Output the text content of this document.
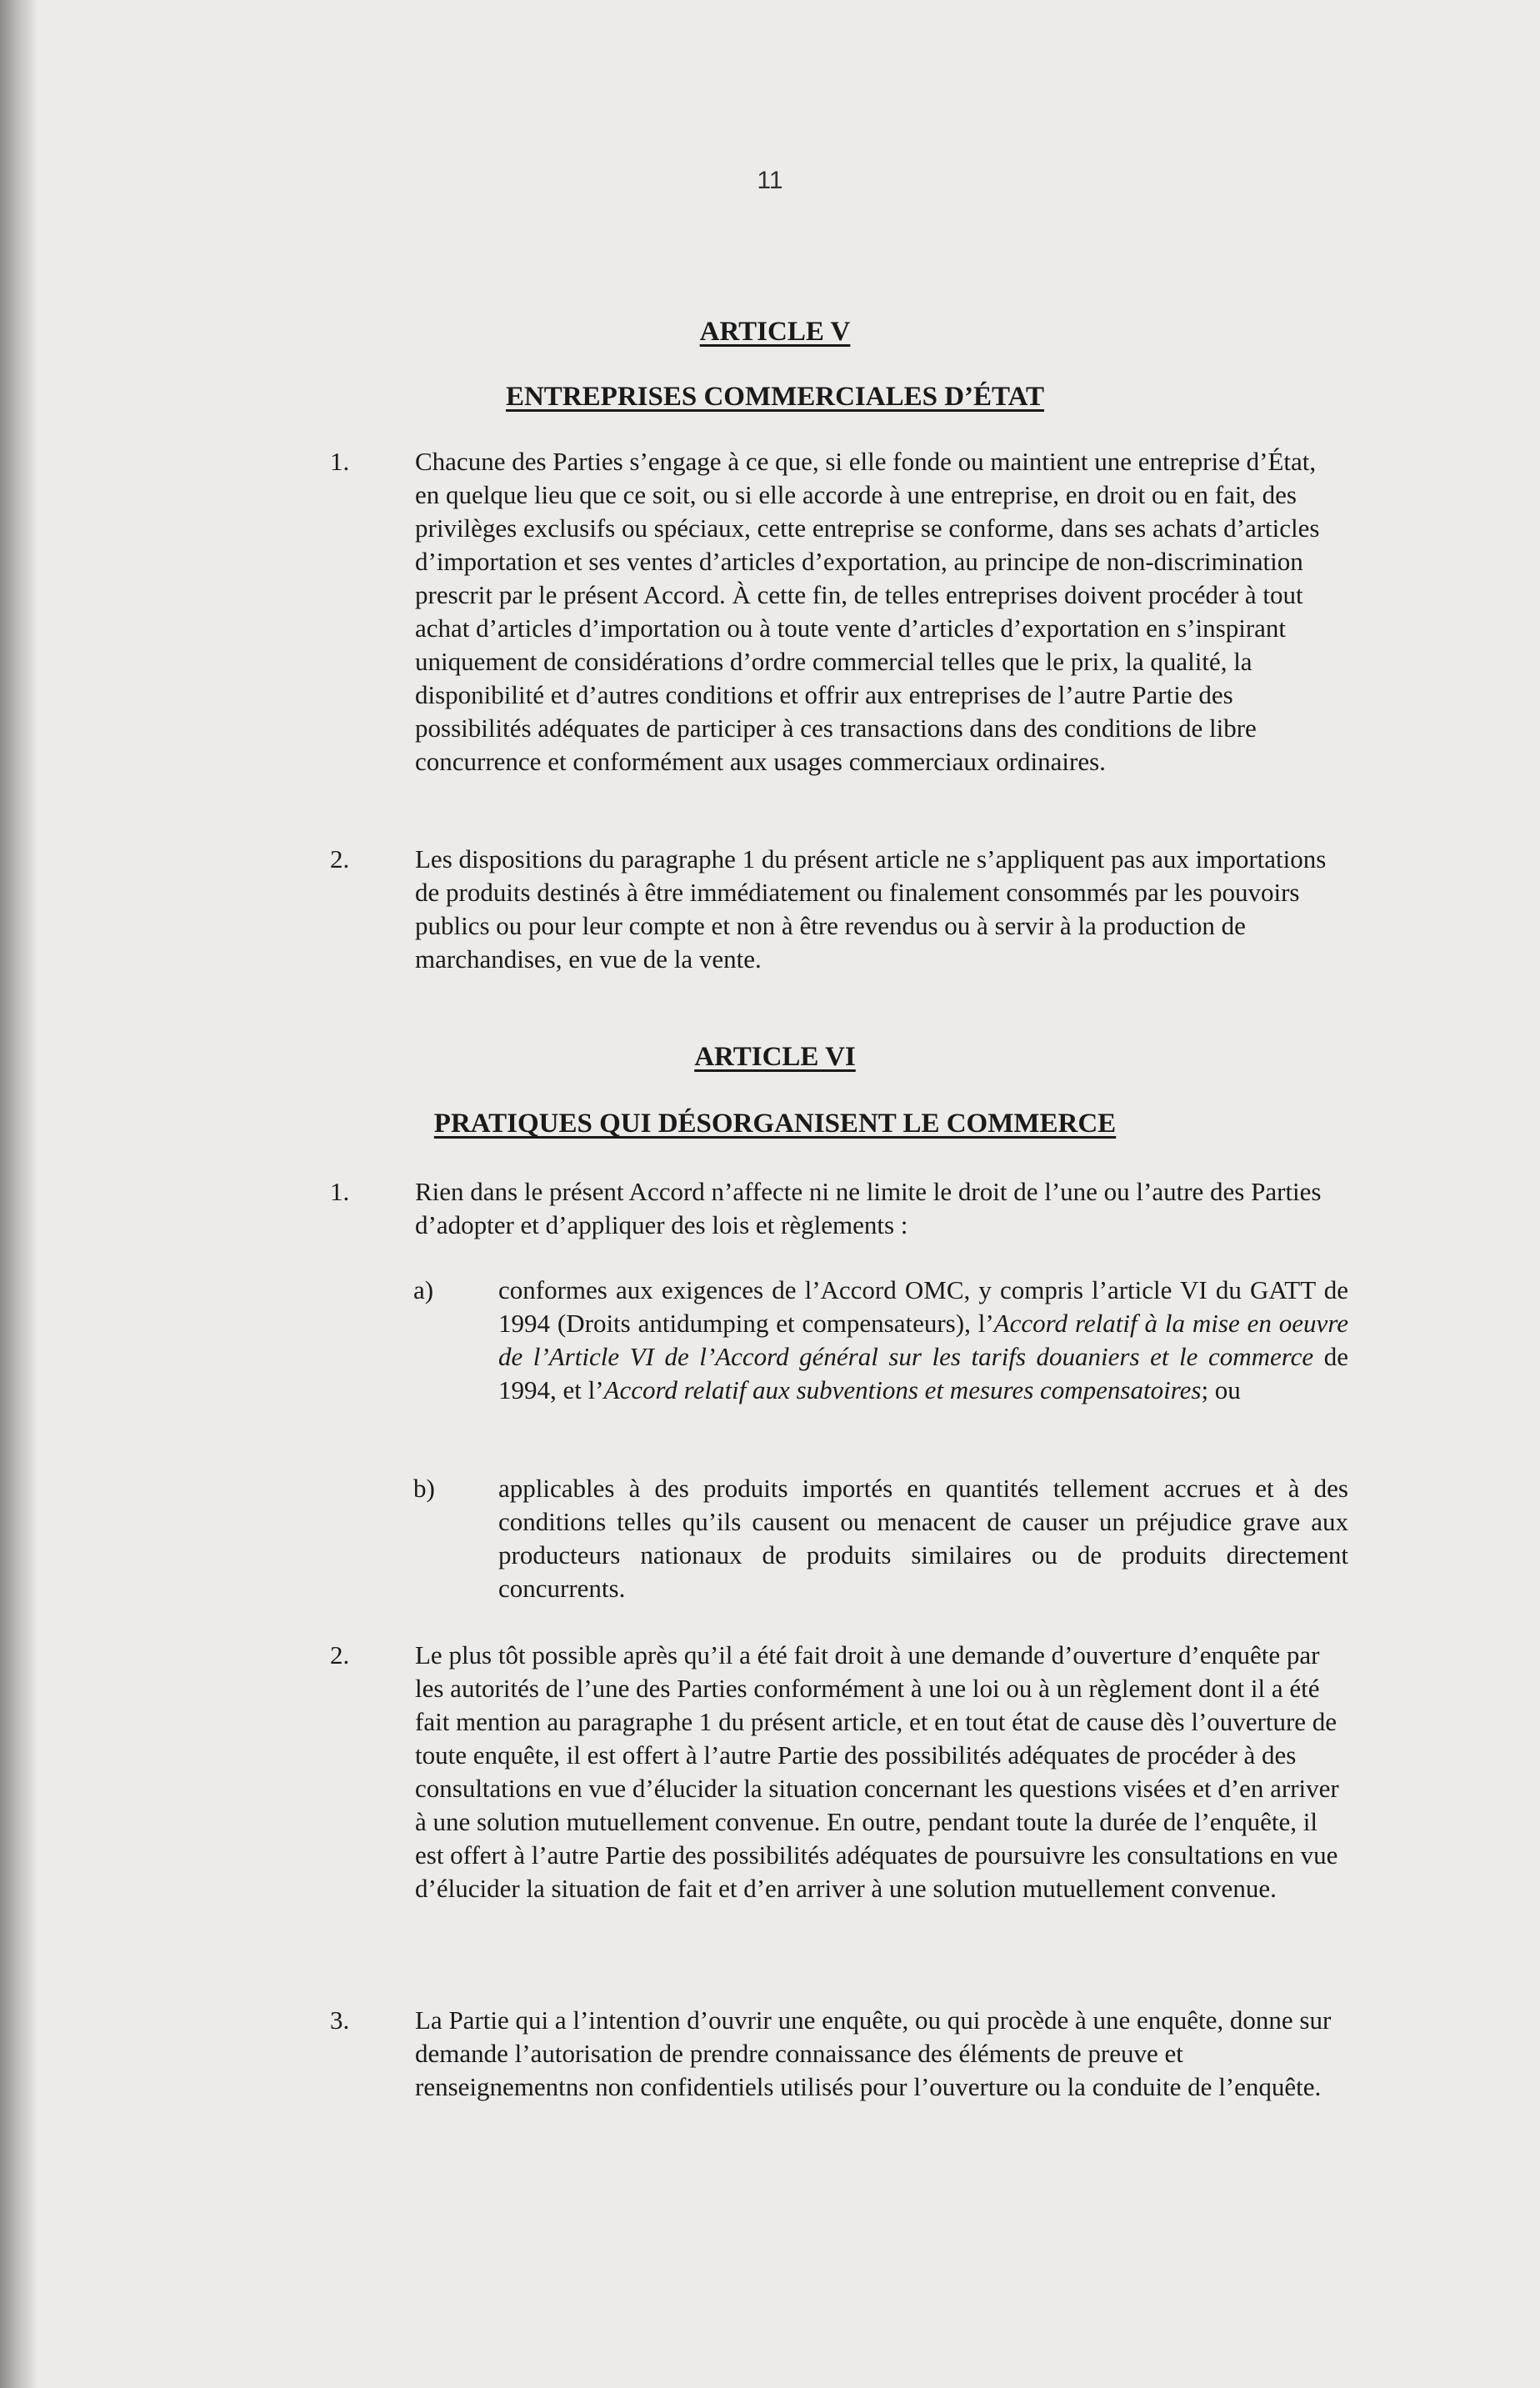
11
ARTICLE V
ENTREPRISES COMMERCIALES D’ÉTAT
1.	Chacune des Parties s’engage à ce que, si elle fonde ou maintient une entreprise d’État, en quelque lieu que ce soit, ou si elle accorde à une entreprise, en droit ou en fait, des privilèges exclusifs ou spéciaux, cette entreprise se conforme, dans ses achats d’articles d’importation et ses ventes d’articles d’exportation, au principe de non-discrimination prescrit par le présent Accord. À cette fin, de telles entreprises doivent procéder à tout achat d’articles d’importation ou à toute vente d’articles d’exportation en s’inspirant uniquement de considérations d’ordre commercial telles que le prix, la qualité, la disponibilité et d’autres conditions et offrir aux entreprises de l’autre Partie des possibilités adéquates de participer à ces transactions dans des conditions de libre concurrence et conformément aux usages commerciaux ordinaires.

2.	Les dispositions du paragraphe 1 du présent article ne s’appliquent pas aux importations de produits destinés à être immédiatement ou finalement consommés par les pouvoirs publics ou pour leur compte et non à être revendus ou à servir à la production de marchandises, en vue de la vente.

ARTICLE VI
PRATIQUES QUI DÉSORGANISENT LE COMMERCE
1.	Rien dans le présent Accord n’affecte ni ne limite le droit de l’une ou l’autre des Parties d’adopter et d’appliquer des lois et règlements :

a)	conformes aux exigences de l’Accord OMC, y compris l’article VI du GATT de 1994 (Droits antidumping et compensateurs), l’Accord relatif à la mise en oeuvre de l’Article VI de l’Accord général sur les tarifs douaniers et le commerce de 1994, et l’Accord relatif aux subventions et mesures compensatoires; ou

b)	applicables à des produits importés en quantités tellement accrues et à des conditions telles qu’ils causent ou menacent de causer un préjudice grave aux producteurs nationaux de produits similaires ou de produits directement concurrents.

2.	Le plus tôt possible après qu’il a été fait droit à une demande d’ouverture d’enquête par les autorités de l’une des Parties conformément à une loi ou à un règlement dont il a été fait mention au paragraphe 1 du présent article, et en tout état de cause dès l’ouverture de toute enquête, il est offert à l’autre Partie des possibilités adéquates de procéder à des consultations en vue d’élucider la situation concernant les questions visées et d’en arriver à une solution mutuellement convenue. En outre, pendant toute la durée de l’enquête, il est offert à l’autre Partie des possibilités adéquates de poursuivre les consultations en vue d’élucider la situation de fait et d’en arriver à une solution mutuellement convenue.

3.	La Partie qui a l’intention d’ouvrir une enquête, ou qui procède à une enquête, donne sur demande l’autorisation de prendre connaissance des éléments de preuve et renseignementns non confidentiels utilisés pour l’ouverture ou la conduite de l’enquête.
